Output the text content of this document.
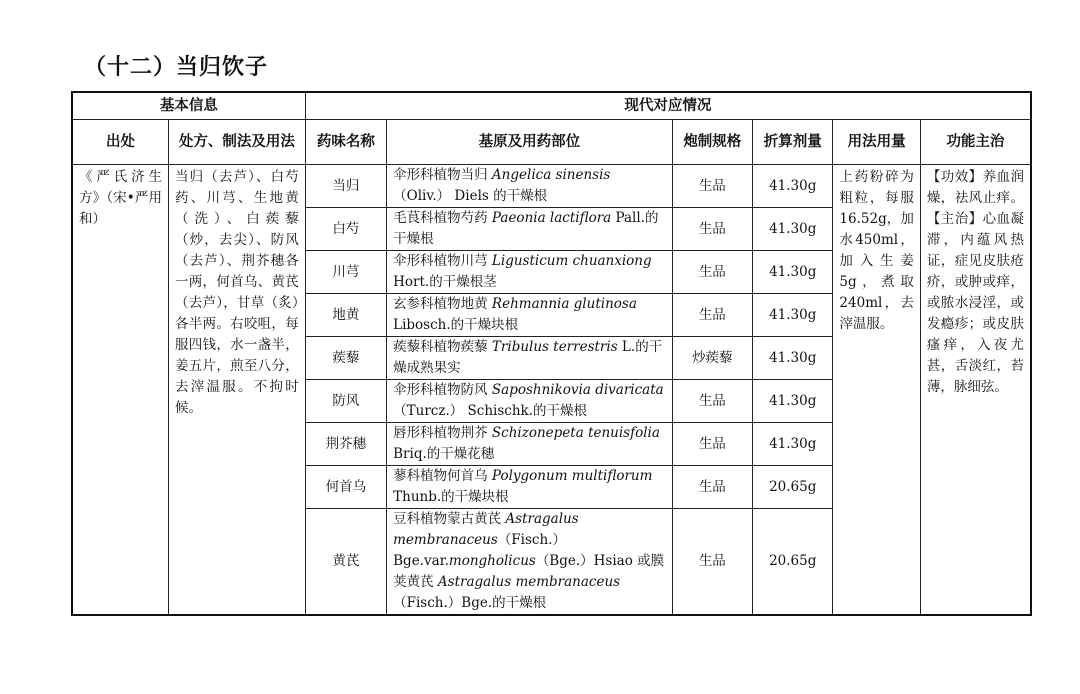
（十二）当归饮子
基本信息		现代对应情况					
出处	处方、制法及用法	药味名称	基原及用药部位	炮制规格	折算剂量	用法用量	功能主治
《严氏济生方》（宋•严用和）	当归（去芦）、白芍药、川芎、生地黄（洗）、白蒺藜（炒，去尖）、防风（去芦）、荆芥穗各一两，何首乌、黄芪（去芦），甘草（炙）各半两。右咬咀，每服四钱，水一盏半，姜五片，煎至八分，去滓温服。不拘时候。	当归	伞形科植物当归 Angelica sinensis（Oliv.） Diels 的干燥根	生品	41.30g	上药粉碎为粗粒，每服16.52g，加水450ml，加入生姜5g，煮取240ml，去滓温服。	【功效】养血润燥，祛风止痒。【主治】心血凝滞，内蕴风热证，症见皮肤疮疥，或肿或痒，或脓水浸淫，或发瘾疹；或皮肤瘙痒，入夜尤甚，舌淡红，苔薄，脉细弦。
		白芍	毛茛科植物芍药 Paeonia lactiflora Pall.的干燥根	生品	41.30g		
		川芎	伞形科植物川芎 Ligusticum chuanxiong Hort.的干燥根茎	生品	41.30g		
		地黄	玄参科植物地黄 Rehmannia glutinosa Libosch.的干燥块根	生品	41.30g		
		蒺藜	蒺藜科植物蒺藜 Tribulus terrestris L.的干燥成熟果实	炒蒺藜	41.30g		
		防风	伞形科植物防风 Saposhnikovia divaricata（Turcz.） Schischk.的干燥根	生品	41.30g		
		荆芥穗	唇形科植物荆芥 Schizonepeta tenuisfolia Briq.的干燥花穗	生品	41.30g		
		何首乌	蓼科植物何首乌 Polygonum multiflorum Thunb.的干燥块根	生品	20.65g		
		黄芪	豆科植物蒙古黄芪 Astragalus membranaceus（Fisch.）Bge.var.mongholicus（Bge.）Hsiao 或膜荚黄芪 Astragalus membranaceus（Fisch.）Bge.的干燥根	生品	20.65g		
